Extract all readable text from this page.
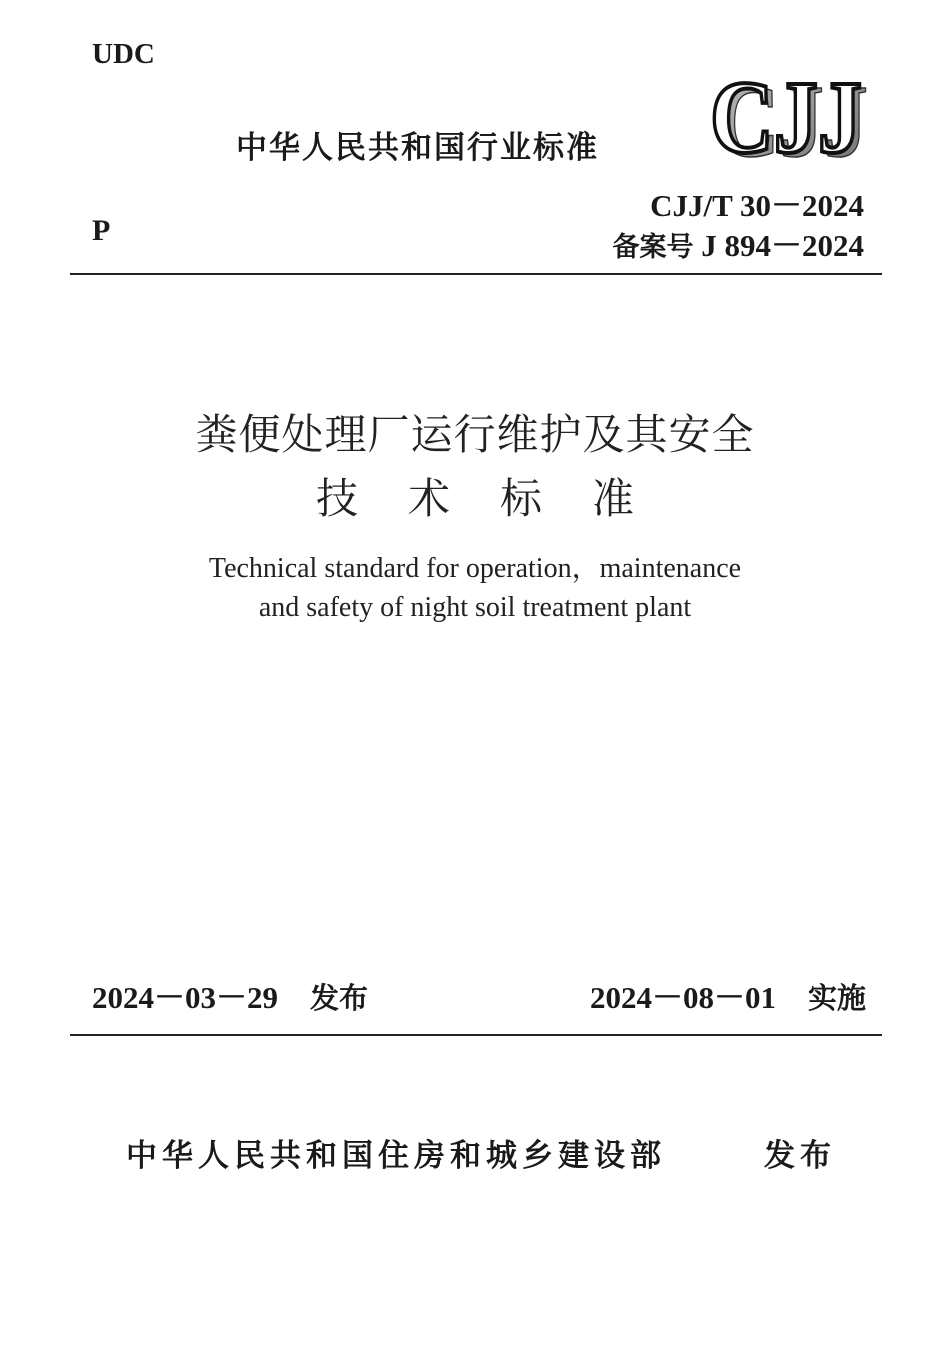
UDC
中华人民共和国行业标准 CJJ
CJJ
CJJ/T 30－2024
P
备案号 J 894－2024
粪便处理厂运行维护及其安全
技术标准
Technical standard for operation，maintenance
and safety of night soil treatment plant
2024－03－29 发布	2024－08－01 实施
中华人民共和国住房和城乡建设部	发布
